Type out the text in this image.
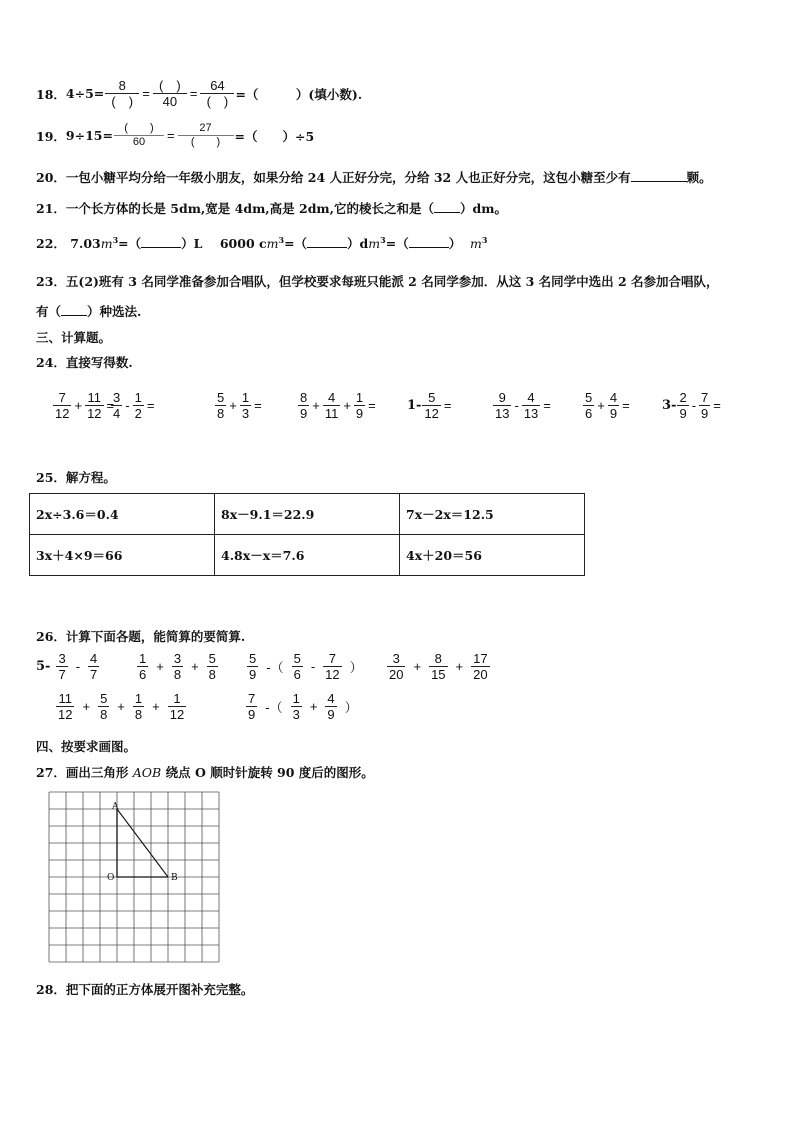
18． $4\div 5= \frac{8}{( )} = \frac{( )}{40} = \frac{64}{( )}$ =（　　　）(填小数).
19． $9\div 15= \frac{( )}{60} = \frac{27}{( )}$ =（　　）÷5
20．一包小糖平均分给一年级小朋友，如果分给 24 人正好分完，分给 32 人也正好分完，这包小糖至少有	颗。
21．一个长方体的长是 5dm,宽是 4dm,高是 2dm,它的棱长之和是（ ）dm。
22． $7.03m^3=$（	）L 6000 $cm^3=$（	）$dm^3=$（	） $m^3$
23．五(2)班有 3 名同学准备参加合唱队，但学校要求每班只能派 2 名同学参加．从这 3 名同学中选出 2 名参加合唱队，
有（ ）种选法.
三、计算题。
24．直接写得数.
$\frac{7}{12} + \frac{11}{12}$ =
$\frac{3}{4} - \frac{1}{2}$ =	$\frac{5}{8} + \frac{1}{3}$ =	$\frac{8}{9} + \frac{4}{11} + \frac{1}{9} = 1- \frac{5}{12}$ =	$\frac{9}{13} - \frac{4}{13} = \frac{5}{6} + \frac{4}{9} = 3- \frac{2}{9} - \frac{7}{9}$ =
25．解方程。
2x÷3.6＝0.4	8x－9.1＝22.9	7x－2x＝12.5
3x＋4×9＝66	4.8x－x＝7.6	4x＋20＝56
26．计算下面各题，能简算的要简算.
$5- \frac{3}{7} - \frac{4}{7}$	$\frac{1}{6} + \frac{3}{8} + \frac{5}{8} \frac{5}{9}$ -（ $\frac{5}{6} - \frac{7}{12}$ ） $\frac{3}{20} + \frac{8}{15} + \frac{17}{20}$
$\frac{11}{12} + \frac{5}{8} + \frac{1}{8} + \frac{1}{12}$	$\frac{7}{9}$ -（ $\frac{1}{3} + \frac{4}{9}$ ）
四、按要求画图。
27．画出三角形 AOB 绕点 O 顺时针旋转 90 度后的图形。
A
O	B
28．把下面的正方体展开图补充完整。
